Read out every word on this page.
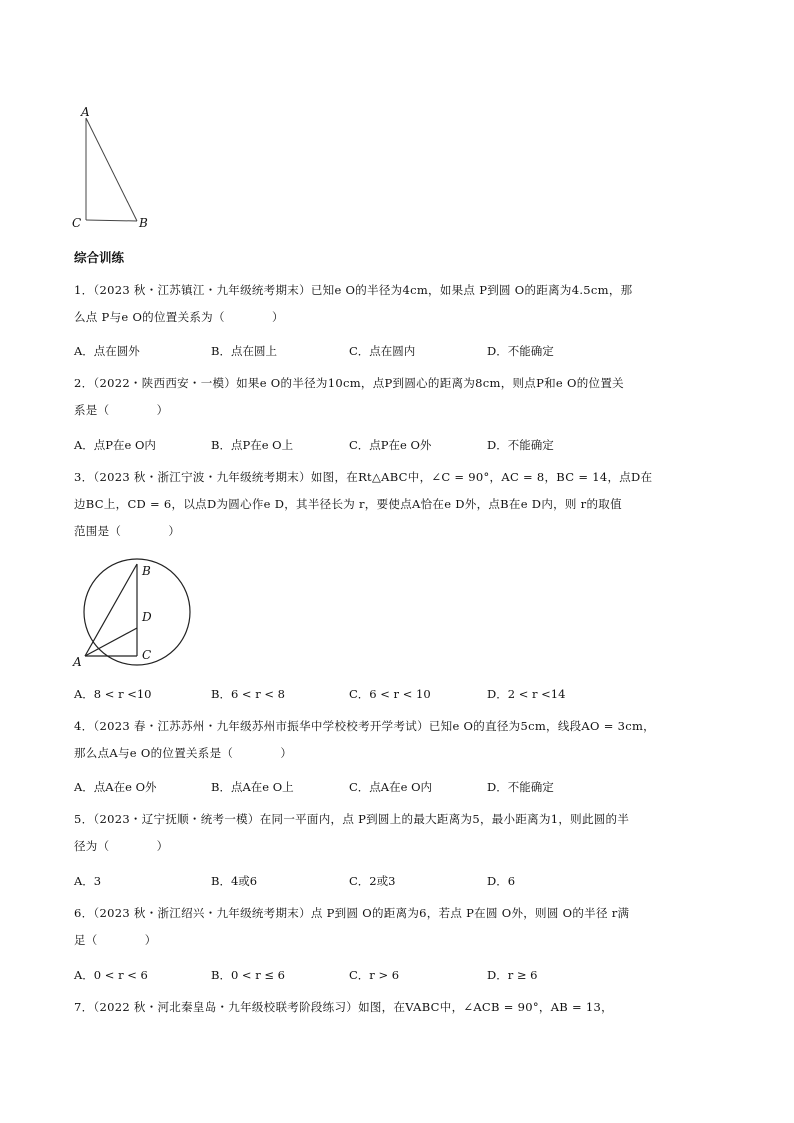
A
C	B
综合训练
1．（2023 秋・江苏镇江・九年级统考期末）已知e O的半径为4cm，如果点 P到圆 O的距离为4.5cm，那
么点 P与e O的位置关系为（　　　　）
A．点在圆外	B．点在圆上	C．点在圆内	D．不能确定
2．（2022・陕西西安・一模）如果e O的半径为10cm，点P到圆心的距离为8cm，则点P和e O的位置关
系是（　　　　）
A．点P在e O内	B．点P在e O上	C．点P在e O外	D．不能确定
3．（2023 秋・浙江宁波・九年级统考期末）如图，在Rt△ABC中，∠C = 90°，AC = 8，BC = 14，点D在
边BC上，CD = 6，以点D为圆心作e D，其半径长为 r，要使点A恰在e D外，点B在e D内，则 r的取值
范围是（　　　　）
B
D
A	C
A．8 < r <10	B．6 < r < 8	C．6 < r < 10	D．2 < r <14
4．（2023 春・江苏苏州・九年级苏州市振华中学校校考开学考试）已知e O的直径为5cm，线段AO = 3cm，
那么点A与e O的位置关系是（　　　　）
A．点A在e O外	B．点A在e O上	C．点A在e O内	D．不能确定
5．（2023・辽宁抚顺・统考一模）在同一平面内，点 P到圆上的最大距离为5，最小距离为1，则此圆的半
径为（　　　　）
A．3	B．4或6	C．2或3	D．6
6．（2023 秋・浙江绍兴・九年级统考期末）点 P到圆 O的距离为6，若点 P在圆 O外，则圆 O的半径 r满
足（　　　　）
A．0 < r < 6	B．0 < r ≤ 6	C．r > 6	D．r ≥ 6
7．（2022 秋・河北秦皇岛・九年级校联考阶段练习）如图，在VABC中，∠ACB = 90°，AB = 13，
